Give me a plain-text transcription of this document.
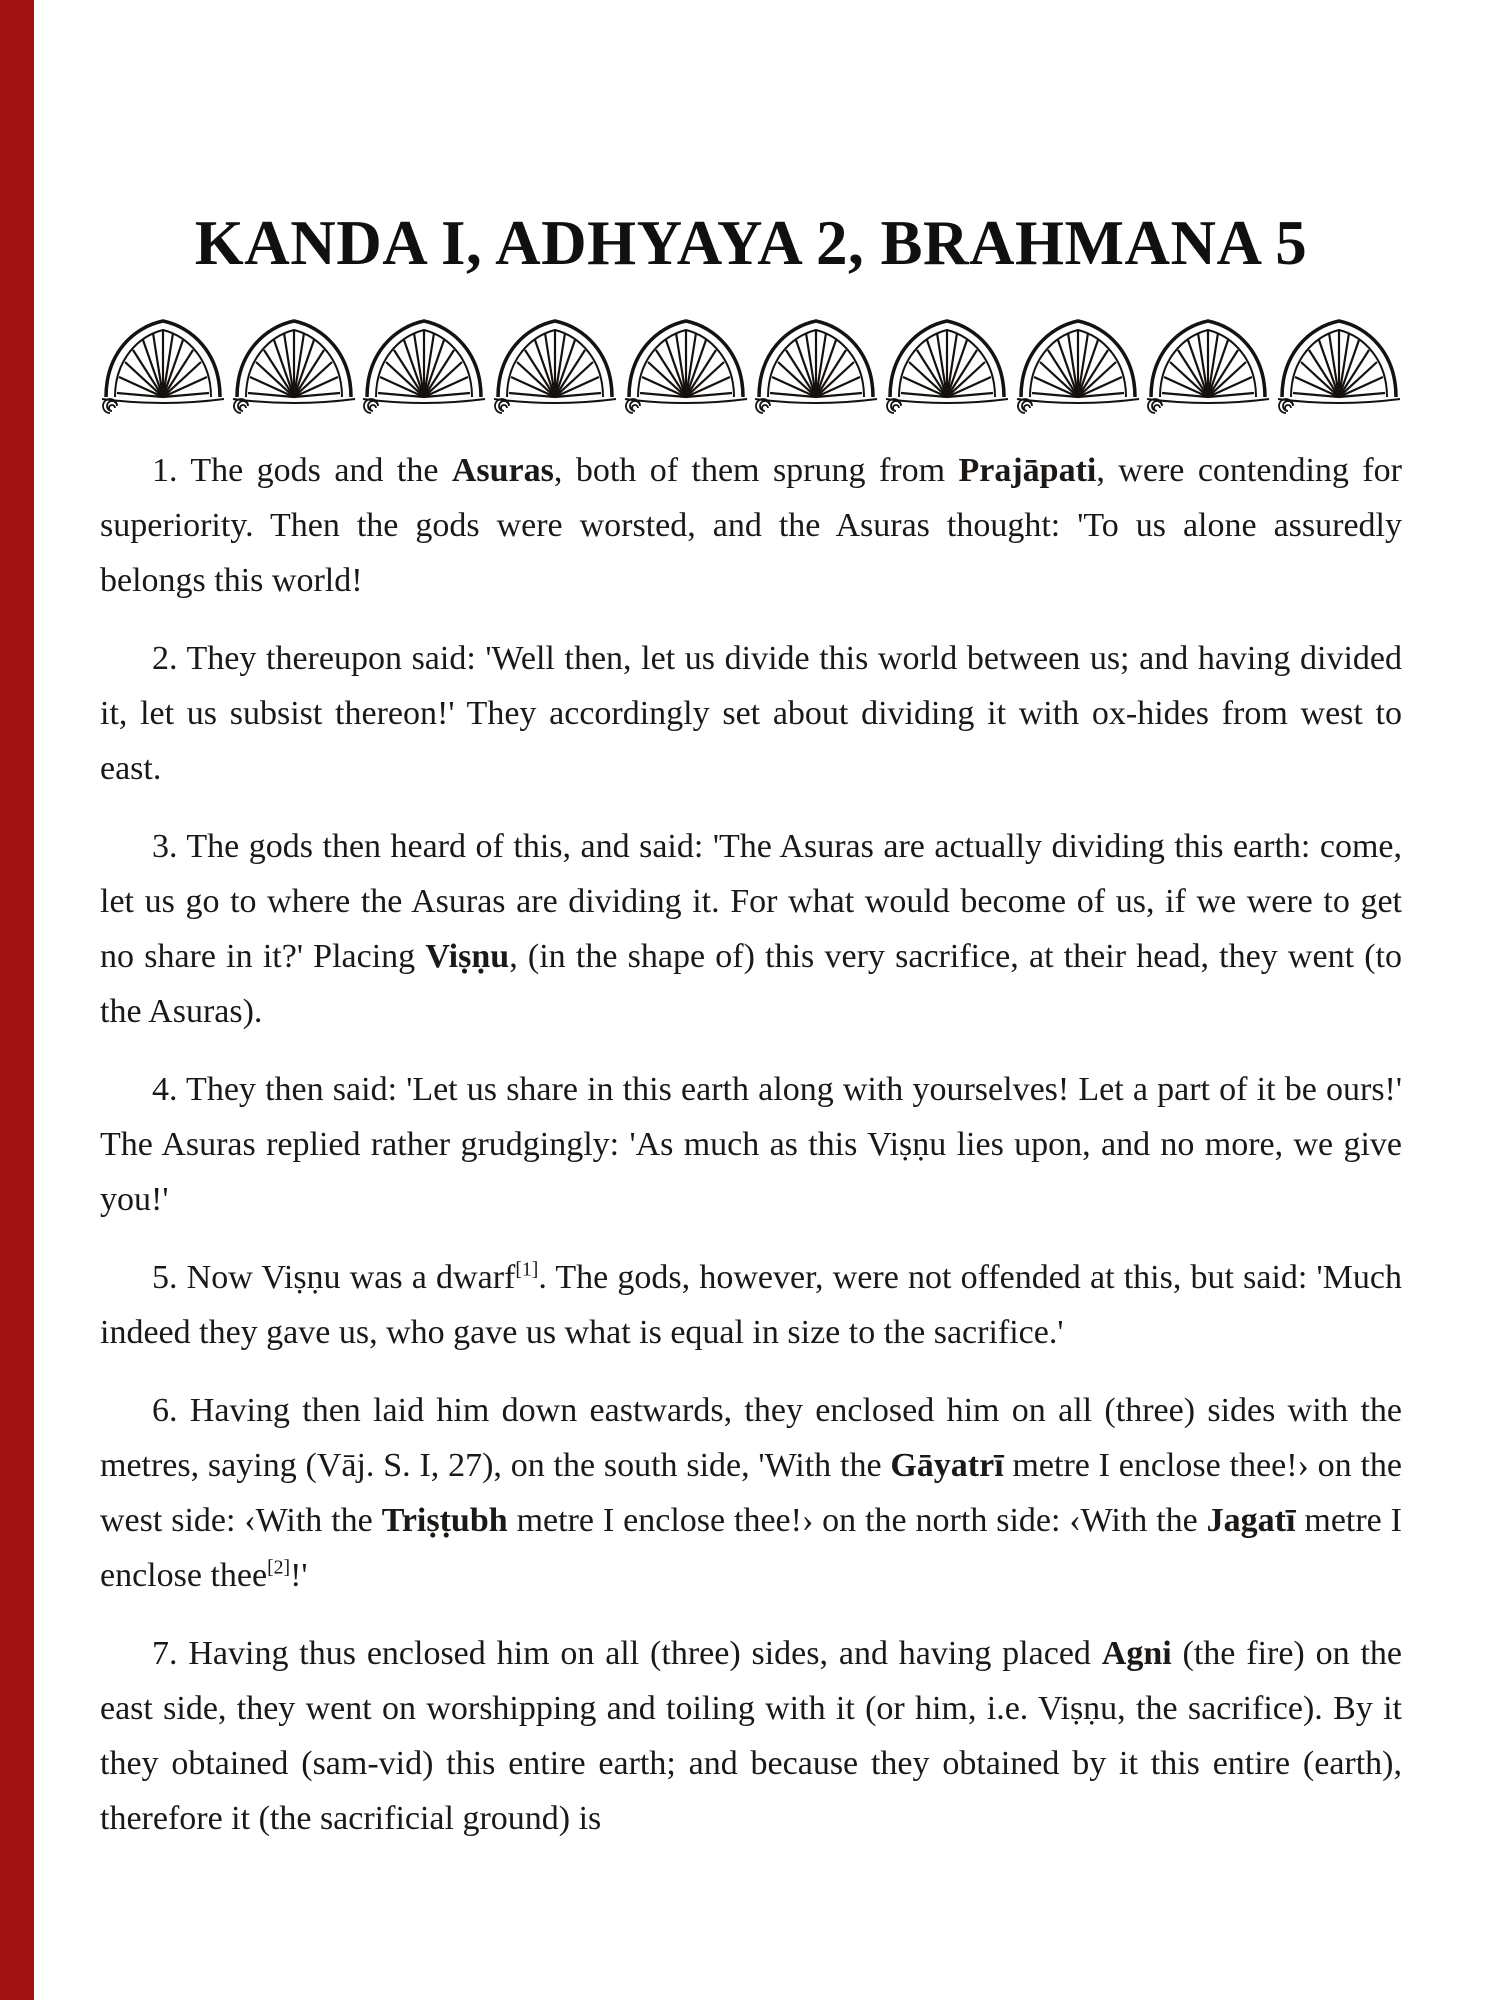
KANDA I, ADHYAYA 2, BRAHMANA 5

1. The gods and the Asuras, both of them sprung from Prajāpati, were contending for superiority. Then the gods were worsted, and the Asuras thought: 'To us alone assuredly belongs this world!

2. They thereupon said: 'Well then, let us divide this world between us; and having divided it, let us subsist thereon!' They accordingly set about dividing it with ox-hides from west to east.

3. The gods then heard of this, and said: 'The Asuras are actually dividing this earth: come, let us go to where the Asuras are dividing it. For what would become of us, if we were to get no share in it?' Placing Viṣṇu, (in the shape of) this very sacrifice, at their head, they went (to the Asuras).

4. They then said: 'Let us share in this earth along with yourselves! Let a part of it be ours!' The Asuras replied rather grudgingly: 'As much as this Viṣṇu lies upon, and no more, we give you!'

5. Now Viṣṇu was a dwarf[1]. The gods, however, were not offended at this, but said: 'Much indeed they gave us, who gave us what is equal in size to the sacrifice.'

6. Having then laid him down eastwards, they enclosed him on all (three) sides with the metres, saying (Vāj. S. I, 27), on the south side, 'With the Gāyatrī metre I enclose thee!› on the west side: ‹With the Triṣṭubh metre I enclose thee!› on the north side: ‹With the Jagatī metre I enclose thee[2]!'

7. Having thus enclosed him on all (three) sides, and having placed Agni (the fire) on the east side, they went on worshipping and toiling with it (or him, i.e. Viṣṇu, the sacrifice). By it they obtained (sam-vid) this entire earth; and because they obtained by it this entire (earth), therefore it (the sacrificial ground) is
